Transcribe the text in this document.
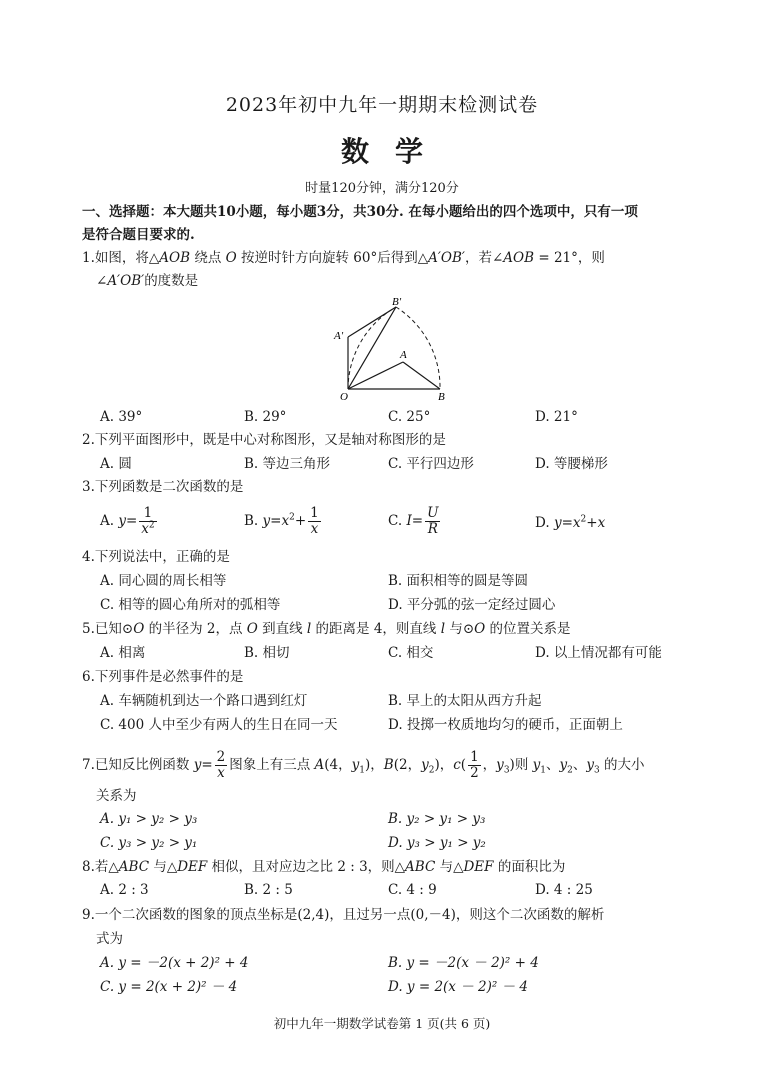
2023年初中九年一期期末检测试卷
数学
时量120分钟，满分120分
一、选择题：本大题共10小题，每小题3分，共30分. 在每小题给出的四个选项中，只有一项
是符合题目要求的.
1.如图，将△AOB 绕点 O 按逆时针方向旋转 60°后得到△A′OB′，若∠AOB = 21°，则
∠A′OB′的度数是
B′
A′
A
O	B
A. 39°	B. 29°	C. 25°	D. 21°
2.下列平面图形中，既是中心对称图形，又是轴对称图形的是
A. 圆	B. 等边三角形	C. 平行四边形	D. 等腰梯形
3.下列函数是二次函数的是
A. $y= \frac{1}{x^2}$	B. $y=x^2+ \frac{1}{x}$	C. $I= \frac{U}{R}$	D. $y=x^2+x$
4.下列说法中，正确的是
A. 同心圆的周长相等	B. 面积相等的圆是等圆
C. 相等的圆心角所对的弧相等	D. 平分弧的弦一定经过圆心
5.已知⊙O 的半径为 2，点 O 到直线 l 的距离是 4，则直线 l 与⊙O 的位置关系是
A. 相离	B. 相切	C. 相交	D. 以上情况都有可能
6.下列事件是必然事件的是
A. 车辆随机到达一个路口遇到红灯	B. 早上的太阳从西方升起
C. 400 人中至少有两人的生日在同一天	D. 投掷一枚质地均匀的硬币，正面朝上
7.已知反比例函数 $y= \frac{2}{x}$ 图象上有三点 A(4，$y_1$)，B(2，$y_2$)，$c( \frac{1}{2}$ ，$y_3$)则 $y_1$、$y_2$、$y_3$ 的大小
关系为
A. y₁ > y₂ > y₃	B. y₂ > y₁ > y₃
C. y₃ > y₂ > y₁	D. y₃ > y₁ > y₂
8.若△ABC 与△DEF 相似，且对应边之比 2 : 3，则△ABC 与△DEF 的面积比为
A. 2 : 3	B. 2 : 5	C. 4 : 9	D. 4 : 25
9.一个二次函数的图象的顶点坐标是(2,4)，且过另一点(0,－4)，则这个二次函数的解析
式为
A. y = －2(x + 2)² + 4	B. y = －2(x － 2)² + 4
C. y = 2(x + 2)² － 4	D. y = 2(x － 2)² － 4
初中九年一期数学试卷第 1 页(共 6 页)
